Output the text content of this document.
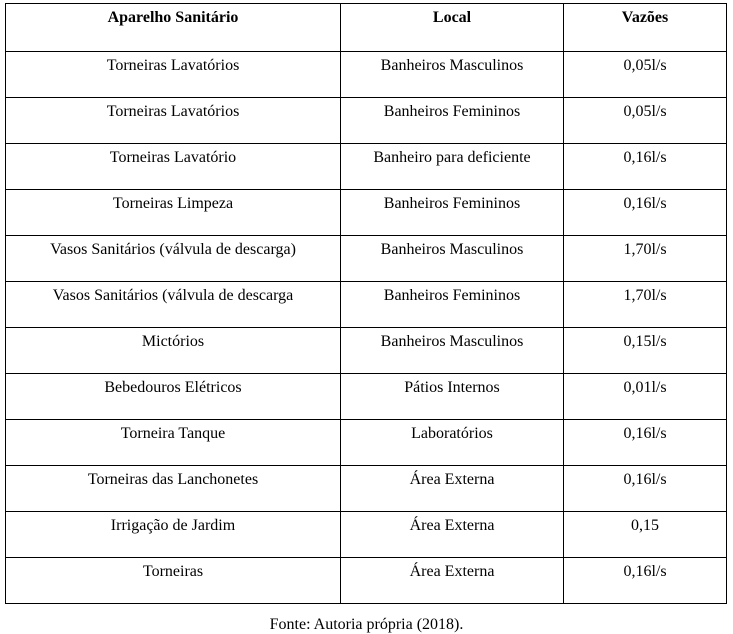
Aparelho Sanitário	Local	Vazões
Torneiras Lavatórios	Banheiros Masculinos	0,05l/s
Torneiras Lavatórios	Banheiros Femininos	0,05l/s
Torneiras Lavatório	Banheiro para deficiente	0,16l/s
Torneiras Limpeza	Banheiros Femininos	0,16l/s
Vasos Sanitários (válvula de descarga)	Banheiros Masculinos	1,70l/s
Vasos Sanitários (válvula de descarga	Banheiros Femininos	1,70l/s
Mictórios	Banheiros Masculinos	0,15l/s
Bebedouros Elétricos	Pátios Internos	0,01l/s
Torneira Tanque	Laboratórios	0,16l/s
Torneiras das Lanchonetes	Área Externa	0,16l/s
Irrigação de Jardim	Área Externa	0,15
Torneiras	Área Externa	0,16l/s
Fonte: Autoria própria (2018).
